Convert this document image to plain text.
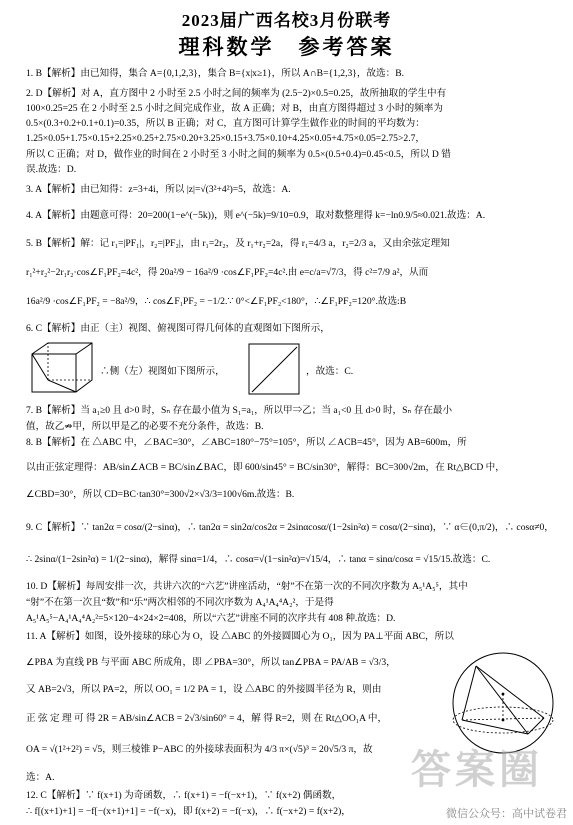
2023届广西名校3月份联考
理科数学　参考答案
1. B【解析】由已知得，集合 A={0,1,2,3}，集合 B={x|x≥1}，所以 A∩B={1,2,3}，故选：B.
2. D【解析】对 A，直方图中 2 小时至 2.5 小时之间的频率为 (2.5−2)×0.5=0.25，故所抽取的学生中有
100×0.25=25 在 2 小时至 2.5 小时之间完成作业，故 A 正确；对 B，由直方图得超过 3 小时的频率为
0.5×(0.3+0.2+0.1+0.1)=0.35，所以 B 正确；对 C，直方图可计算学生做作业的时间的平均数为：
1.25×0.05+1.75×0.15+2.25×0.25+2.75×0.20+3.25×0.15+3.75×0.10+4.25×0.05+4.75×0.05=2.75>2.7，
所以 C 正确；对 D，做作业的时间在 2 小时至 3 小时之间的频率为 0.5×(0.5+0.4)=0.45<0.5，所以 D 错
误.故选：D.
3. A【解析】由已知得：z=3+4i，所以 |z|=√(3²+4²)=5，故选：A.
4. A【解析】由题意可得：20=200(1−e^(−5k))，则 e^(−5k)=9/10=0.9，取对数整理得 k=−ln0.9/5≈0.021.故选：A.
5. B【解析】解：记 r₁=|PF₁|，r₂=|PF₂|，由 r₁=2r₂，及 r₁+r₂=2a，得 r₁=4/3 a，r₂=2/3 a，又由余弦定理知
r₁²+r₂²−2r₁r₂·cos∠F₁PF₂=4c²，得 20a²/9 − 16a²/9 ·cos∠F₁PF₂=4c².由 e=c/a=√7/3，得 c²=7/9 a²，从而
16a²/9 ·cos∠F₁PF₂ = −8a²/9，∴ cos∠F₁PF₂ = −1/2.∵ 0°<∠F₁PF₂<180°，∴∠F₁PF₂=120°.故选:B
6. C【解析】由正（主）视图、俯视图可得几何体的直观图如下图所示，
∴侧（左）视图如下图所示，	，故选：C.
7. B【解析】当 a₁≥0 且 d>0 时，Sₙ 存在最小值为 S₁=a₁，所以甲⇒乙；当 a₁<0 且 d>0 时，Sₙ 存在最小
值，故乙⇏甲，所以甲是乙的必要不充分条件，故选：B.
8. B【解析】在 △ABC 中，∠BAC=30°，∠ABC=180°−75°=105°，所以 ∠ACB=45°，因为 AB=600m，所
以由正弦定理得：AB/sin∠ACB = BC/sin∠BAC，即 600/sin45° = BC/sin30°，解得：BC=300√2m，在 Rt△BCD 中，
∠CBD=30°，所以 CD=BC·tan30°=300√2×√3/3=100√6m.故选：B.
9. C【解析】∵ tan2α = cosα/(2−sinα)，∴ tan2α = sin2α/cos2α = 2sinαcosα/(1−2sin²α) = cosα/(2−sinα)，∵ α∈(0,π/2)，∴ cosα≠0，
∴ 2sinα/(1−2sin²α) = 1/(2−sinα)，解得 sinα=1/4，∴ cosα=√(1−sin²α)=√15/4，∴ tanα = sinα/cosα = √15/15.故选：C.
10. D【解析】每周安排一次，共讲六次的“六艺”讲座活动，“射”不在第一次的不同次序数为 A₅¹A₅⁵，其中
“射”不在第一次且“数”和“乐”两次相邻的不同次序数为 A₄¹A₄⁴A₂²，于是得
A₅¹A₅⁵−A₄¹A₄⁴A₂²=5×120−4×24×2=408，所以“六艺”讲座不同的次序共有 408 种.故选：D.
11. A【解析】如图，设外接球的球心为 O，设 △ABC 的外接圆圆心为 O₁，因为 PA⊥平面 ABC，所以
∠PBA 为直线 PB 与平面 ABC 所成角，即 ∠PBA=30°，所以 tan∠PBA = PA/AB = √3/3，
又 AB=2√3，所以 PA=2，所以 OO₁ = 1/2 PA = 1，设 △ABC 的外接圆半径为 R，则由
正 弦 定 理 可 得 2R = AB/sin∠ACB = 2√3/sin60° = 4，解 得 R=2，则 在 Rt△OO₁A 中，
OA = √(1²+2²) = √5，则三棱锥 P−ABC 的外接球表面积为 4/3 π×(√5)³ = 20√5/3 π，故
选：A.
12. C【解析】∵ f(x+1) 为奇函数，∴ f(x+1) = −f(−x+1)，∵ f(x+2) 偶函数，
∴ f[(x+1)+1] = −f[−(x+1)+1] = −f(−x)，即 f(x+2) = −f(−x)，∴ f(−x+2) = f(x+2)，
答案圈
微信公众号：高中试卷君
